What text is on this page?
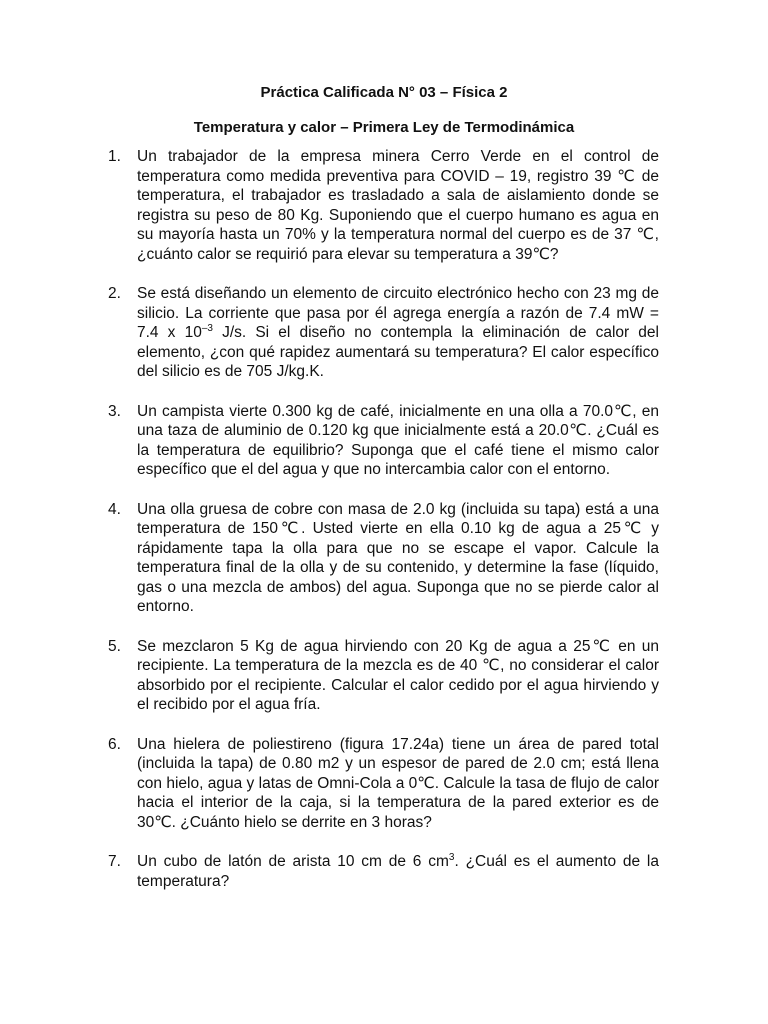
Práctica Calificada N° 03 – Física 2
Temperatura y calor – Primera Ley de Termodinámica
1. Un trabajador de la empresa minera Cerro Verde en el control de temperatura como medida preventiva para COVID – 19, registro 39 ℃ de temperatura, el trabajador es trasladado a sala de aislamiento donde se registra su peso de 80 Kg. Suponiendo que el cuerpo humano es agua en su mayoría hasta un 70% y la temperatura normal del cuerpo es de 37 ℃, ¿cuánto calor se requirió para elevar su temperatura a 39℃?
2. Se está diseñando un elemento de circuito electrónico hecho con 23 mg de silicio. La corriente que pasa por él agrega energía a razón de 7.4 mW = 7.4 x $10^{-3}$ J/s. Si el diseño no contempla la eliminación de calor del elemento, ¿con qué rapidez aumentará su temperatura? El calor específico del silicio es de 705 J/kg.K.
3. Un campista vierte 0.300 kg de café, inicialmente en una olla a 70.0℃, en una taza de aluminio de 0.120 kg que inicialmente está a 20.0℃. ¿Cuál es la temperatura de equilibrio? Suponga que el café tiene el mismo calor específico que el del agua y que no intercambia calor con el entorno.
4. Una olla gruesa de cobre con masa de 2.0 kg (incluida su tapa) está a una temperatura de 150℃. Usted vierte en ella 0.10 kg de agua a 25℃ y rápidamente tapa la olla para que no se escape el vapor. Calcule la temperatura final de la olla y de su contenido, y determine la fase (líquido, gas o una mezcla de ambos) del agua. Suponga que no se pierde calor al entorno.
5. Se mezclaron 5 Kg de agua hirviendo con 20 Kg de agua a 25℃ en un recipiente. La temperatura de la mezcla es de 40 ℃, no considerar el calor absorbido por el recipiente. Calcular el calor cedido por el agua hirviendo y el recibido por el agua fría.
6. Una hielera de poliestireno (figura 17.24a) tiene un área de pared total (incluida la tapa) de 0.80 m2 y un espesor de pared de 2.0 cm; está llena con hielo, agua y latas de Omni-Cola a 0℃. Calcule la tasa de flujo de calor hacia el interior de la caja, si la temperatura de la pared exterior es de 30℃. ¿Cuánto hielo se derrite en 3 horas?
7. Un cubo de latón de arista 10 cm de 6 $cm^3$. ¿Cuál es el aumento de la temperatura?
